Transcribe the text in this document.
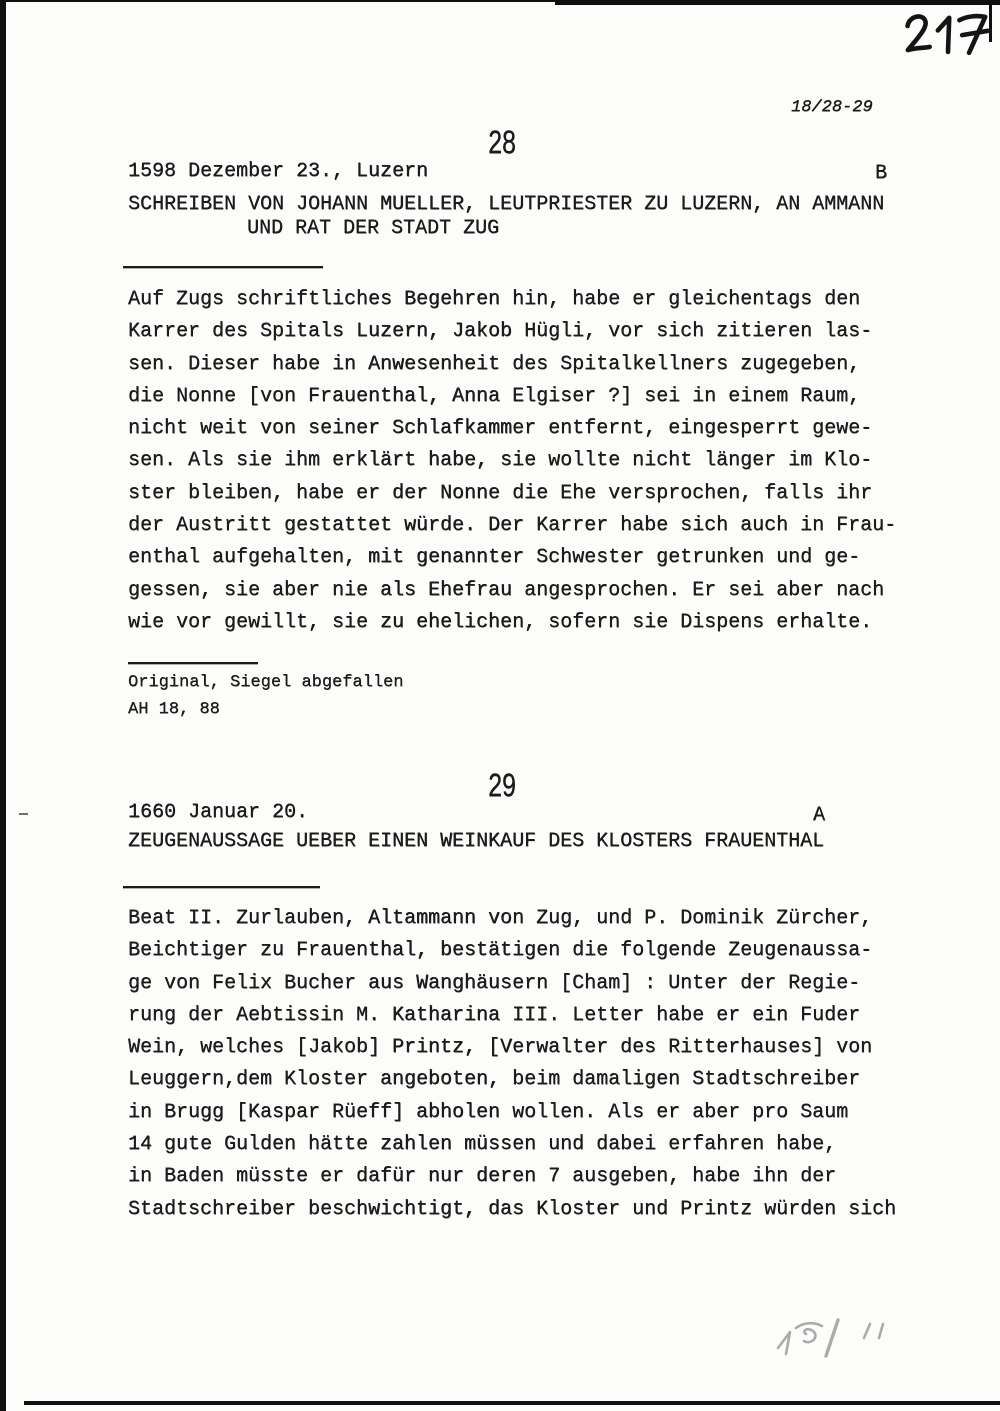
18/28-29
28
1598 Dezember 23., Luzern	B
SCHREIBEN VON JOHANN MUELLER, LEUTPRIESTER ZU LUZERN, AN AMMANN
UND RAT DER STADT ZUG
Auf Zugs schriftliches Begehren hin, habe er gleichentags den
Karrer des Spitals Luzern, Jakob Hügli, vor sich zitieren las-
sen. Dieser habe in Anwesenheit des Spitalkellners zugegeben,
die Nonne [von Frauenthal, Anna Elgiser ?] sei in einem Raum,
nicht weit von seiner Schlafkammer entfernt, eingesperrt gewe-
sen. Als sie ihm erklärt habe, sie wollte nicht länger im Klo-
ster bleiben, habe er der Nonne die Ehe versprochen, falls ihr
der Austritt gestattet würde. Der Karrer habe sich auch in Frau-
enthal aufgehalten, mit genannter Schwester getrunken und ge-
gessen, sie aber nie als Ehefrau angesprochen. Er sei aber nach
wie vor gewillt, sie zu ehelichen, sofern sie Dispens erhalte.
Original, Siegel abgefallen
AH 18, 88
29
1660 Januar 20.	A
ZEUGENAUSSAGE UEBER EINEN WEINKAUF DES KLOSTERS FRAUENTHAL
Beat II. Zurlauben, Altammann von Zug, und P. Dominik Zürcher,
Beichtiger zu Frauenthal, bestätigen die folgende Zeugenaussa-
ge von Felix Bucher aus Wanghäusern [Cham] : Unter der Regie-
rung der Aebtissin M. Katharina III. Letter habe er ein Fuder
Wein, welches [Jakob] Printz, [Verwalter des Ritterhauses] von
Leuggern,dem Kloster angeboten, beim damaligen Stadtschreiber
in Brugg [Kaspar Rüeff] abholen wollen. Als er aber pro Saum
14 gute Gulden hätte zahlen müssen und dabei erfahren habe,
in Baden müsste er dafür nur deren 7 ausgeben, habe ihn der
Stadtschreiber beschwichtigt, das Kloster und Printz würden sich
